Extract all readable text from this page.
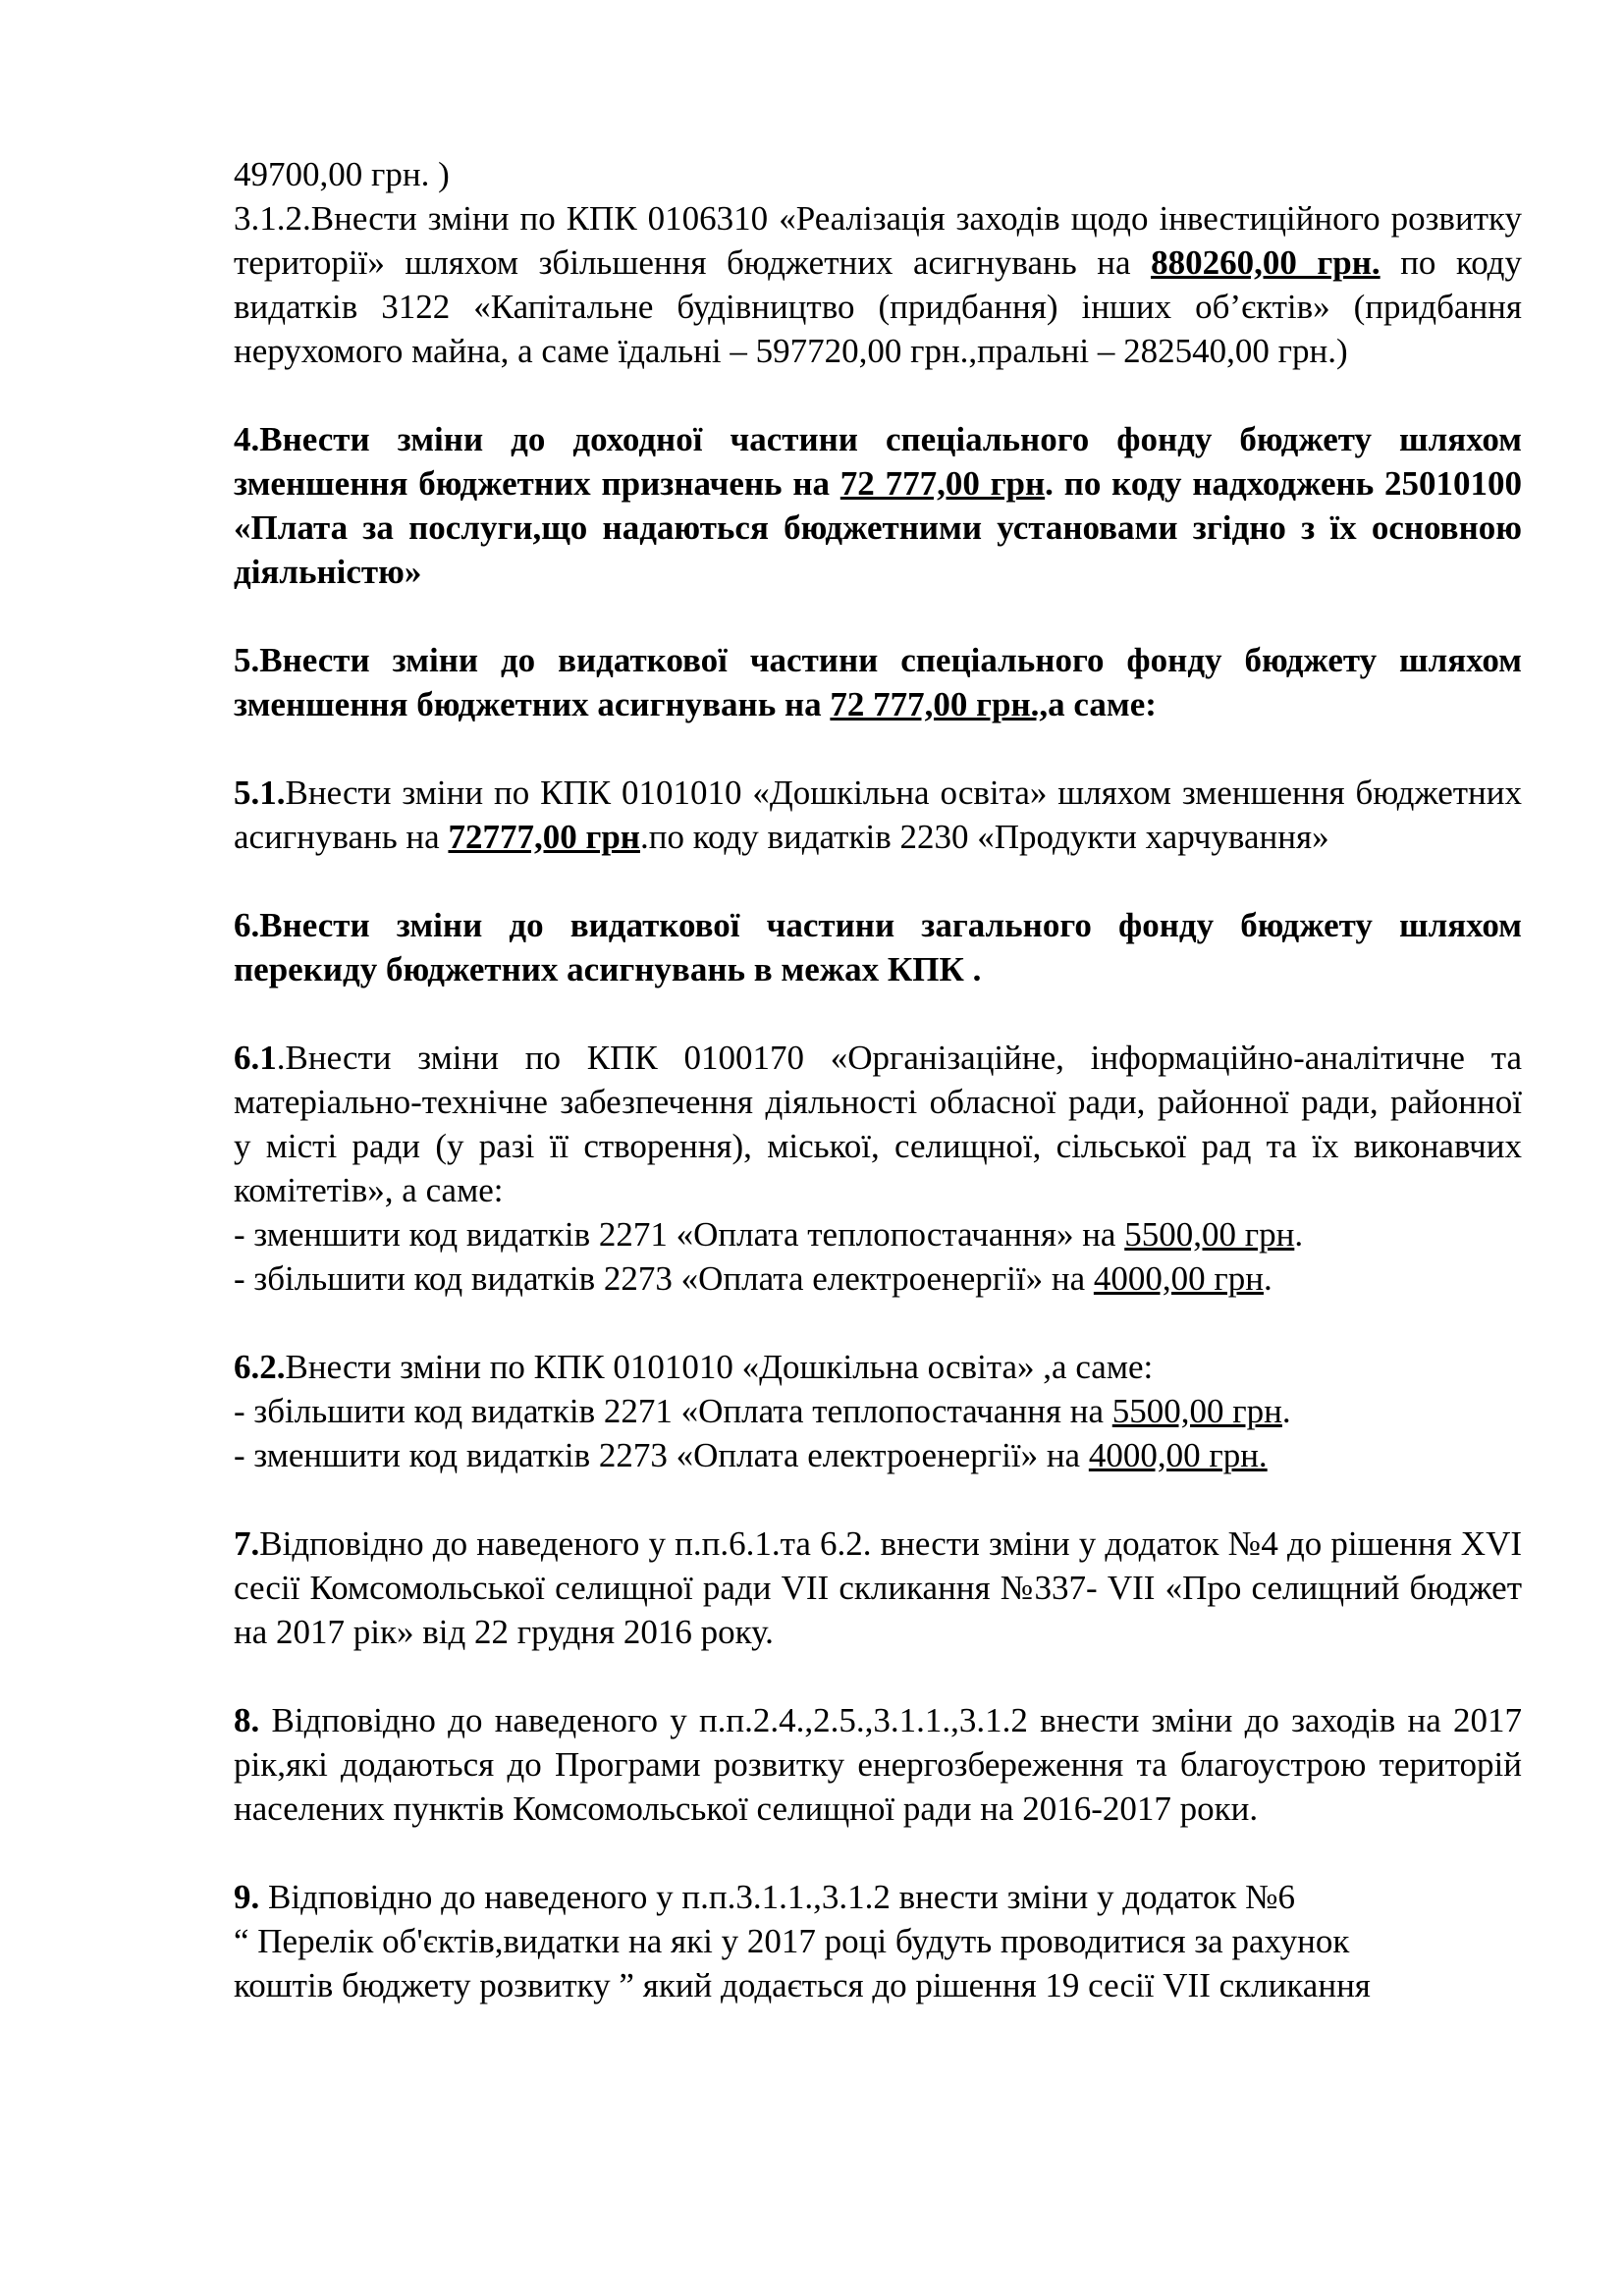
49700,00 грн. )
3.1.2.Внести зміни по КПК 0106310 «Реалізація заходів щодо інвестиційного розвитку території» шляхом збільшення бюджетних асигнувань на 880260,00 грн. по коду видатків 3122 «Капітальне будівництво (придбання) інших об’єктів» (придбання нерухомого майна, а саме їдальні – 597720,00 грн.,пральні – 282540,00 грн.)

4.Внести зміни до доходної частини спеціального фонду бюджету шляхом зменшення бюджетних призначень на 72 777,00 грн. по коду надходжень 25010100 «Плата за послуги,що надаються бюджетними установами згідно з їх основною діяльністю»

5.Внести зміни до видаткової частини спеціального фонду бюджету шляхом зменшення бюджетних асигнувань на 72 777,00 грн.,а саме:

5.1.Внести зміни по КПК 0101010 «Дошкільна освіта» шляхом зменшення бюджетних асигнувань на 72777,00 грн.по коду видатків 2230 «Продукти харчування»

6.Внести зміни до видаткової частини загального фонду бюджету шляхом перекиду бюджетних асигнувань в межах КПК .

6.1.Внести зміни по КПК 0100170 «Організаційне, інформаційно-аналітичне та матеріально-технічне забезпечення діяльності обласної ради, районної ради, районної у місті ради (у разі її створення), міської, селищної, сільської рад та їх виконавчих комітетів», а саме:
- зменшити код видатків 2271 «Оплата теплопостачання» на 5500,00 грн.
- збільшити код видатків 2273 «Оплата електроенергії» на 4000,00 грн.

6.2.Внести зміни по КПК 0101010 «Дошкільна освіта» ,а саме:
- збільшити код видатків 2271 «Оплата теплопостачання на 5500,00 грн.
- зменшити код видатків 2273 «Оплата електроенергії» на 4000,00 грн.

7.Відповідно до наведеного у п.п.6.1.та 6.2. внести зміни у додаток №4 до рішення XVI сесії Комсомольської селищної ради VII скликання №337- VII «Про селищний бюджет на 2017 рік» від 22 грудня 2016 року.

8. Відповідно до наведеного у п.п.2.4.,2.5.,3.1.1.,3.1.2 внести зміни до заходів на 2017 рік,які додаються до Програми розвитку енергозбереження та благоустрою територій населених пунктів Комсомольської селищної ради на 2016-2017 роки.

9. Відповідно до наведеного у п.п.3.1.1.,3.1.2 внести зміни у додаток №6
“ Перелік об'єктів,видатки на які у 2017 році будуть проводитися за рахунок
коштів бюджету розвитку ” який додається до рішення 19 сесії VII скликання
